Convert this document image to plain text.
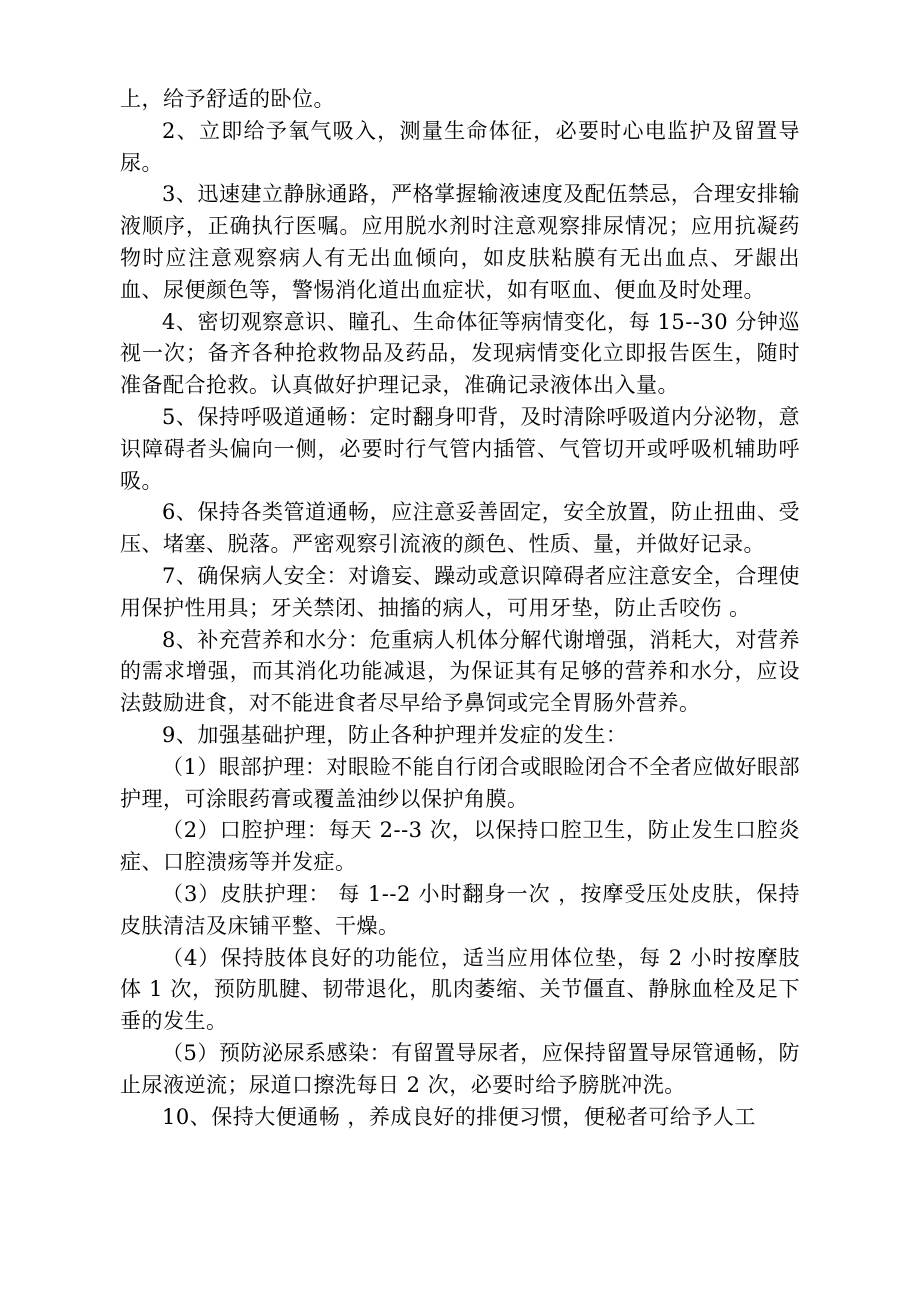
上，给予舒适的卧位。

2、立即给予氧气吸入，测量生命体征，必要时心电监护及留置导尿。

3、迅速建立静脉通路，严格掌握输液速度及配伍禁忌，合理安排输液顺序，正确执行医嘱。应用脱水剂时注意观察排尿情况；应用抗凝药物时应注意观察病人有无出血倾向，如皮肤粘膜有无出血点、牙龈出血、尿便颜色等，警惕消化道出血症状，如有呕血、便血及时处理。

4、密切观察意识、瞳孔、生命体征等病情变化，每 15--30 分钟巡视一次；备齐各种抢救物品及药品，发现病情变化立即报告医生，随时准备配合抢救。认真做好护理记录，准确记录液体出入量。

5、保持呼吸道通畅：定时翻身叩背，及时清除呼吸道内分泌物，意识障碍者头偏向一侧，必要时行气管内插管、气管切开或呼吸机辅助呼吸。

6、保持各类管道通畅，应注意妥善固定，安全放置，防止扭曲、受压、堵塞、脱落。严密观察引流液的颜色、性质、量，并做好记录。

7、确保病人安全：对谵妄、躁动或意识障碍者应注意安全，合理使用保护性用具；牙关禁闭、抽搐的病人，可用牙垫，防止舌咬伤 。

8、补充营养和水分：危重病人机体分解代谢增强，消耗大，对营养的需求增强，而其消化功能减退，为保证其有足够的营养和水分，应设法鼓励进食，对不能进食者尽早给予鼻饲或完全胃肠外营养。

9、加强基础护理，防止各种护理并发症的发生：

（1）眼部护理：对眼睑不能自行闭合或眼睑闭合不全者应做好眼部护理，可涂眼药膏或覆盖油纱以保护角膜。

（2）口腔护理：每天 2--3 次，以保持口腔卫生，防止发生口腔炎症、口腔溃疡等并发症。

（3）皮肤护理： 每 1--2 小时翻身一次 ，按摩受压处皮肤，保持皮肤清洁及床铺平整、干燥。

（4）保持肢体良好的功能位，适当应用体位垫，每 2 小时按摩肢体 1 次，预防肌腱、韧带退化，肌肉萎缩、关节僵直、静脉血栓及足下垂的发生。

（5）预防泌尿系感染：有留置导尿者，应保持留置导尿管通畅，防止尿液逆流；尿道口擦洗每日 2 次，必要时给予膀胱冲洗。

10、保持大便通畅 ，养成良好的排便习惯，便秘者可给予人工
